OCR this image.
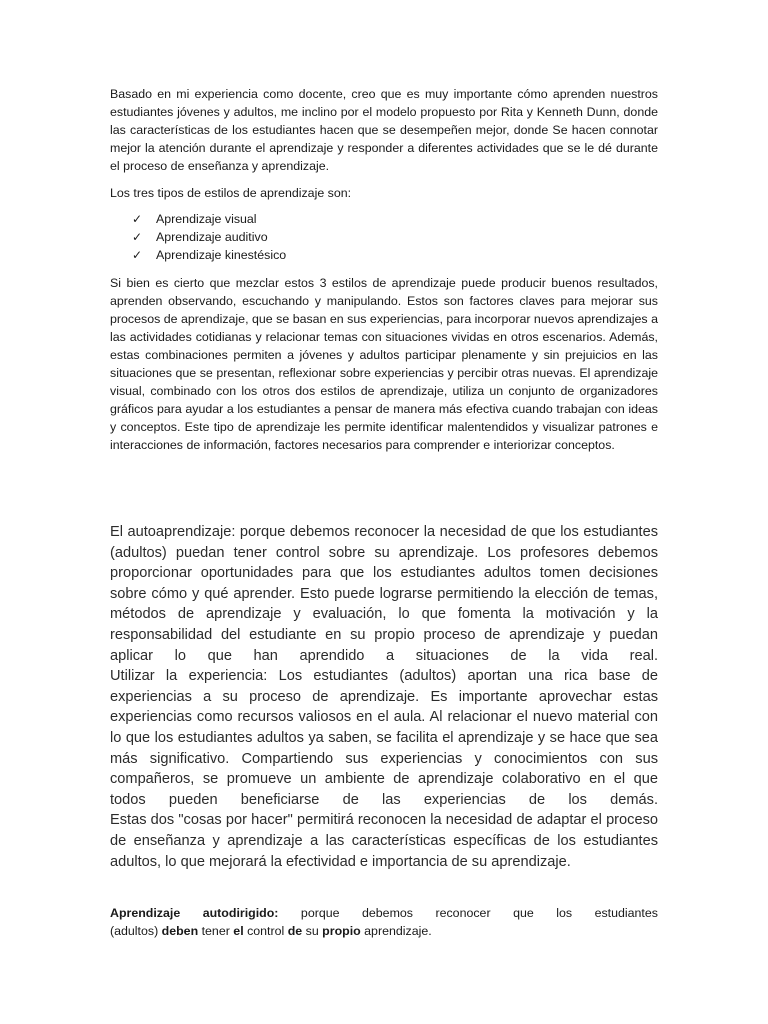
Basado en mi experiencia como docente, creo que es muy importante cómo aprenden nuestros estudiantes jóvenes y adultos, me inclino por el modelo propuesto por Rita y Kenneth Dunn, donde las características de los estudiantes hacen que se desempeñen mejor, donde Se hacen connotar mejor la atención durante el aprendizaje y responder a diferentes actividades que se le dé durante el proceso de enseñanza y aprendizaje.

Los tres tipos de estilos de aprendizaje son:

✓ Aprendizaje visual
✓ Aprendizaje auditivo
✓ Aprendizaje kinestésico

Si bien es cierto que mezclar estos 3 estilos de aprendizaje puede producir buenos resultados, aprenden observando, escuchando y manipulando. Estos son factores claves para mejorar sus procesos de aprendizaje, que se basan en sus experiencias, para incorporar nuevos aprendizajes a las actividades cotidianas y relacionar temas con situaciones vividas en otros escenarios. Además, estas combinaciones permiten a jóvenes y adultos participar plenamente y sin prejuicios en las situaciones que se presentan, reflexionar sobre experiencias y percibir otras nuevas. El aprendizaje visual, combinado con los otros dos estilos de aprendizaje, utiliza un conjunto de organizadores gráficos para ayudar a los estudiantes a pensar de manera más efectiva cuando trabajan con ideas y conceptos. Este tipo de aprendizaje les permite identificar malentendidos y visualizar patrones e interacciones de información, factores necesarios para comprender e interiorizar conceptos.

El autoaprendizaje: porque debemos reconocer la necesidad de que los estudiantes
(adultos) puedan tener control sobre su aprendizaje. Los profesores debemos
proporcionar oportunidades para que los estudiantes adultos tomen decisiones
sobre cómo y qué aprender. Esto puede lograrse permitiendo la elección de temas,
métodos de aprendizaje y evaluación, lo que fomenta la motivación y la
responsabilidad del estudiante en su propio proceso de aprendizaje y puedan
aplicar lo que han aprendido a situaciones de la vida real.
Utilizar la experiencia: Los estudiantes (adultos) aportan una rica base de
experiencias a su proceso de aprendizaje. Es importante aprovechar estas
experiencias como recursos valiosos en el aula. Al relacionar el nuevo material con
lo que los estudiantes adultos ya saben, se facilita el aprendizaje y se hace que sea
más significativo. Compartiendo sus experiencias y conocimientos con sus
compañeros, se promueve un ambiente de aprendizaje colaborativo en el que
todos pueden beneficiarse de las experiencias de los demás.
Estas dos "cosas por hacer" permitirá reconocen la necesidad de adaptar el proceso
de enseñanza y aprendizaje a las características específicas de los estudiantes
adultos, lo que mejorará la efectividad e importancia de su aprendizaje.
Aprendizaje autodirigido: porque debemos reconocer que los estudiantes
(adultos) deben tener el control de su propio aprendizaje.
